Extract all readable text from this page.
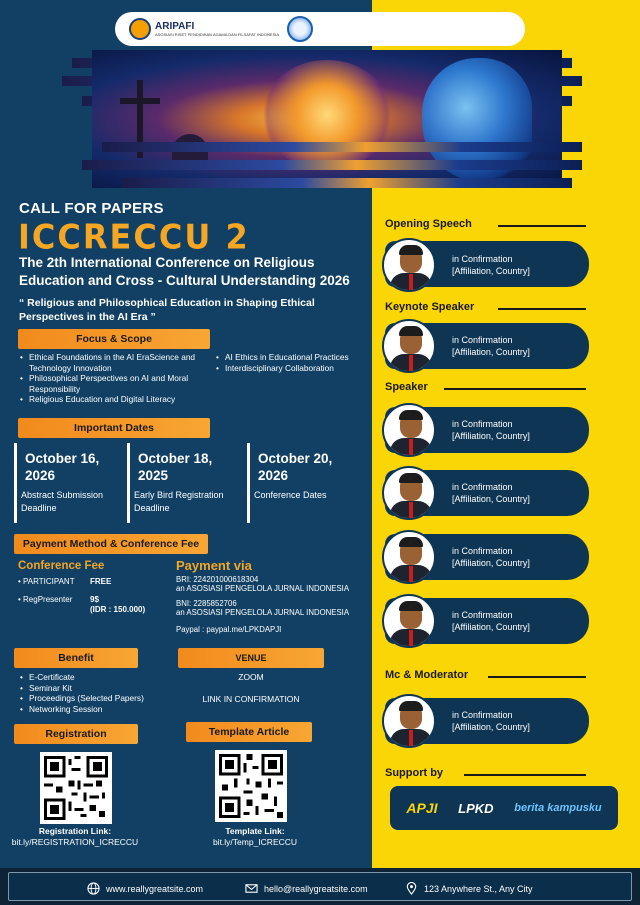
ARIPAFI
ASOSIASI RISET PENDIDIKAN AGAMA DAN FILSAFAT INDONESIA
CALL FOR PAPERS
ICCRECCU 2
The 2th International Conference on Religious Education and Cross - Cultural Understanding 2026
“ Religious and Philosophical Education in Shaping Ethical Perspectives in the AI Era ”
Focus & Scope
• Ethical Foundations in the AI EraScience and Technology Innovation
• Philosophical Perspectives on AI and Moral Responsibility
• Religious Education and Digital Literacy
• AI Ethics in Educational Practices
• Interdisciplinary Collaboration
Important Dates
October 16, 2026
Abstract Submission Deadline
October 18, 2025
Early Bird Registration Deadline
October 20, 2026
Conference Dates
Payment Method & Conference Fee
Conference Fee
• PARTICIPANT FREE
• RegPresenter 9$
(IDR : 150.000)
Payment via
BRI: 224201000618304
an ASOSIASI PENGELOLA JURNAL INDONESIA
BNI: 2285852706
an ASOSIASI PENGELOLA JURNAL INDONESIA
Paypal : paypal.me/LPKDAPJI
Benefit
• E-Certificate
• Seminar Kit
• Proceedings (Selected Papers)
• Networking Session
VENUE
ZOOM
LINK IN CONFIRMATION
Registration	Template Article
Registration Link:
bit.ly/REGISTRATION_ICRECCU
Template Link:
bit.ly/Temp_ICRECCU
Opening Speech
in Confirmation
[Affiliation, Country]
Keynote Speaker
in Confirmation
[Affiliation, Country]
Speaker
in Confirmation
[Affiliation, Country]
in Confirmation
[Affiliation, Country]
in Confirmation
[Affiliation, Country]
in Confirmation
[Affiliation, Country]
Mc & Moderator
in Confirmation
[Affiliation, Country]
Support by
APJI LPKD berita kampusku
www.reallygreatsite.com	hello@reallygreatsite.com	123 Anywhere St., Any City
